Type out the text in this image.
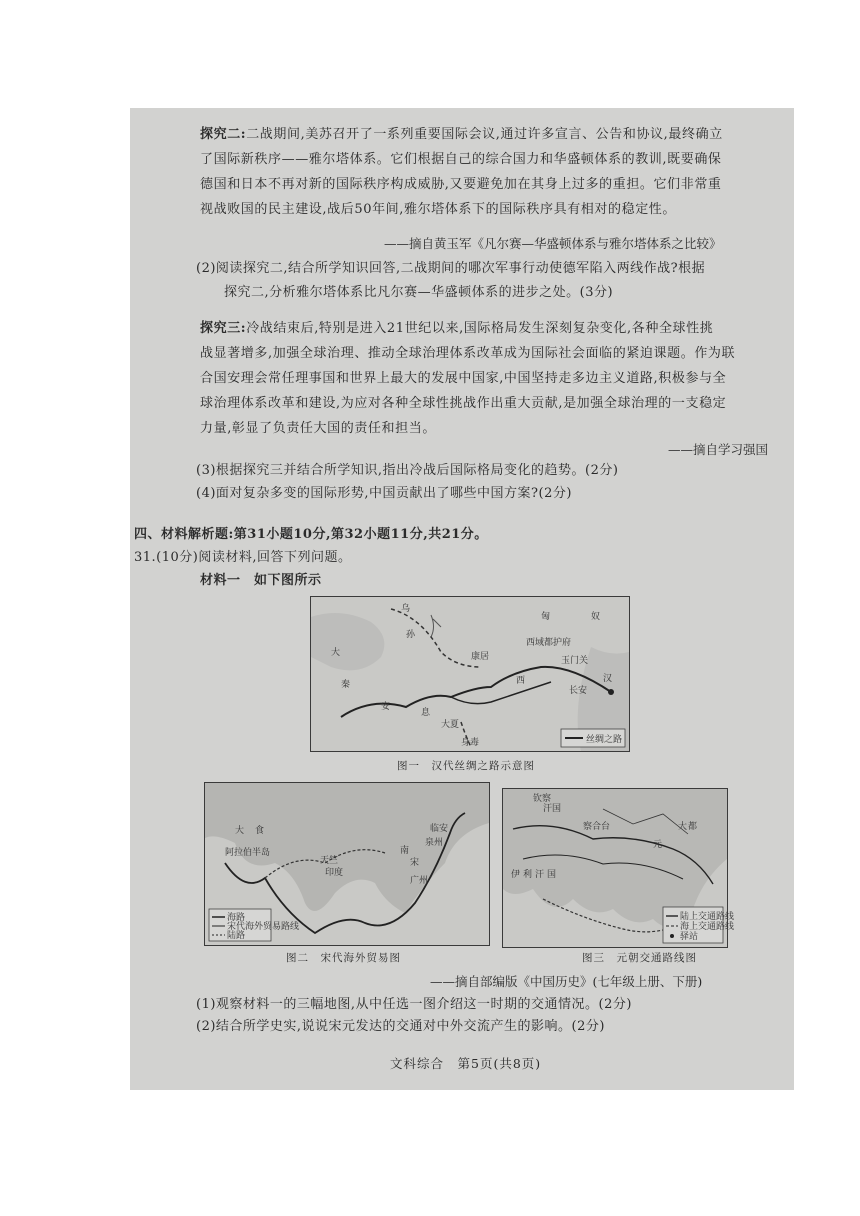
探究二:二战期间,美苏召开了一系列重要国际会议,通过许多宣言、公告和协议,最终确立

了国际新秩序——雅尔塔体系。它们根据自己的综合国力和华盛顿体系的教训,既要确保

德国和日本不再对新的国际秩序构成威胁,又要避免加在其身上过多的重担。它们非常重

视战败国的民主建设,战后50年间,雅尔塔体系下的国际秩序具有相对的稳定性。

——摘自黄玉军《凡尔赛—华盛顿体系与雅尔塔体系之比较》
(2)阅读探究二,结合所学知识回答,二战期间的哪次军事行动使德军陷入两线作战?根据
探究二,分析雅尔塔体系比凡尔赛—华盛顿体系的进步之处。(3分)

探究三:冷战结束后,特别是进入21世纪以来,国际格局发生深刻复杂变化,各种全球性挑

战显著增多,加强全球治理、推动全球治理体系改革成为国际社会面临的紧迫课题。作为联

合国安理会常任理事国和世界上最大的发展中国家,中国坚持走多边主义道路,积极参与全

球治理体系改革和建设,为应对各种全球性挑战作出重大贡献,是加强全球治理的一支稳定

力量,彰显了负责任大国的责任和担当。

——摘自学习强国
(3)根据探究三并结合所学知识,指出冷战后国际格局变化的趋势。(2分)
(4)面对复杂多变的国际形势,中国贡献出了哪些中国方案?(2分)
四、材料解析题:第31小题10分,第32小题11分,共21分。
31.(10分)阅读材料,回答下列问题。
材料一　如下图所示
乌
孙
匈	奴
大
秦
安
息
大夏
康居
西域都护府
玉门关
长安
汉
西
身毒	丝绸之路
图一　汉代丝绸之路示意图
大 食
天竺
印度
南
宋
临安
泉州
广州
阿拉伯半岛
海路
宋代海外贸易路线
陆路
图二　宋代海外贸易图
钦察
汗国
伊 利 汗 国
元
大 都
察合台
陆上交通路线
海上交通路线
驿站
图三　元朝交通路线图
——摘自部编版《中国历史》(七年级上册、下册)
(1)观察材料一的三幅地图,从中任选一图介绍这一时期的交通情况。(2分)
(2)结合所学史实,说说宋元发达的交通对中外交流产生的影响。(2分)
文科综合　第5页(共8页)
